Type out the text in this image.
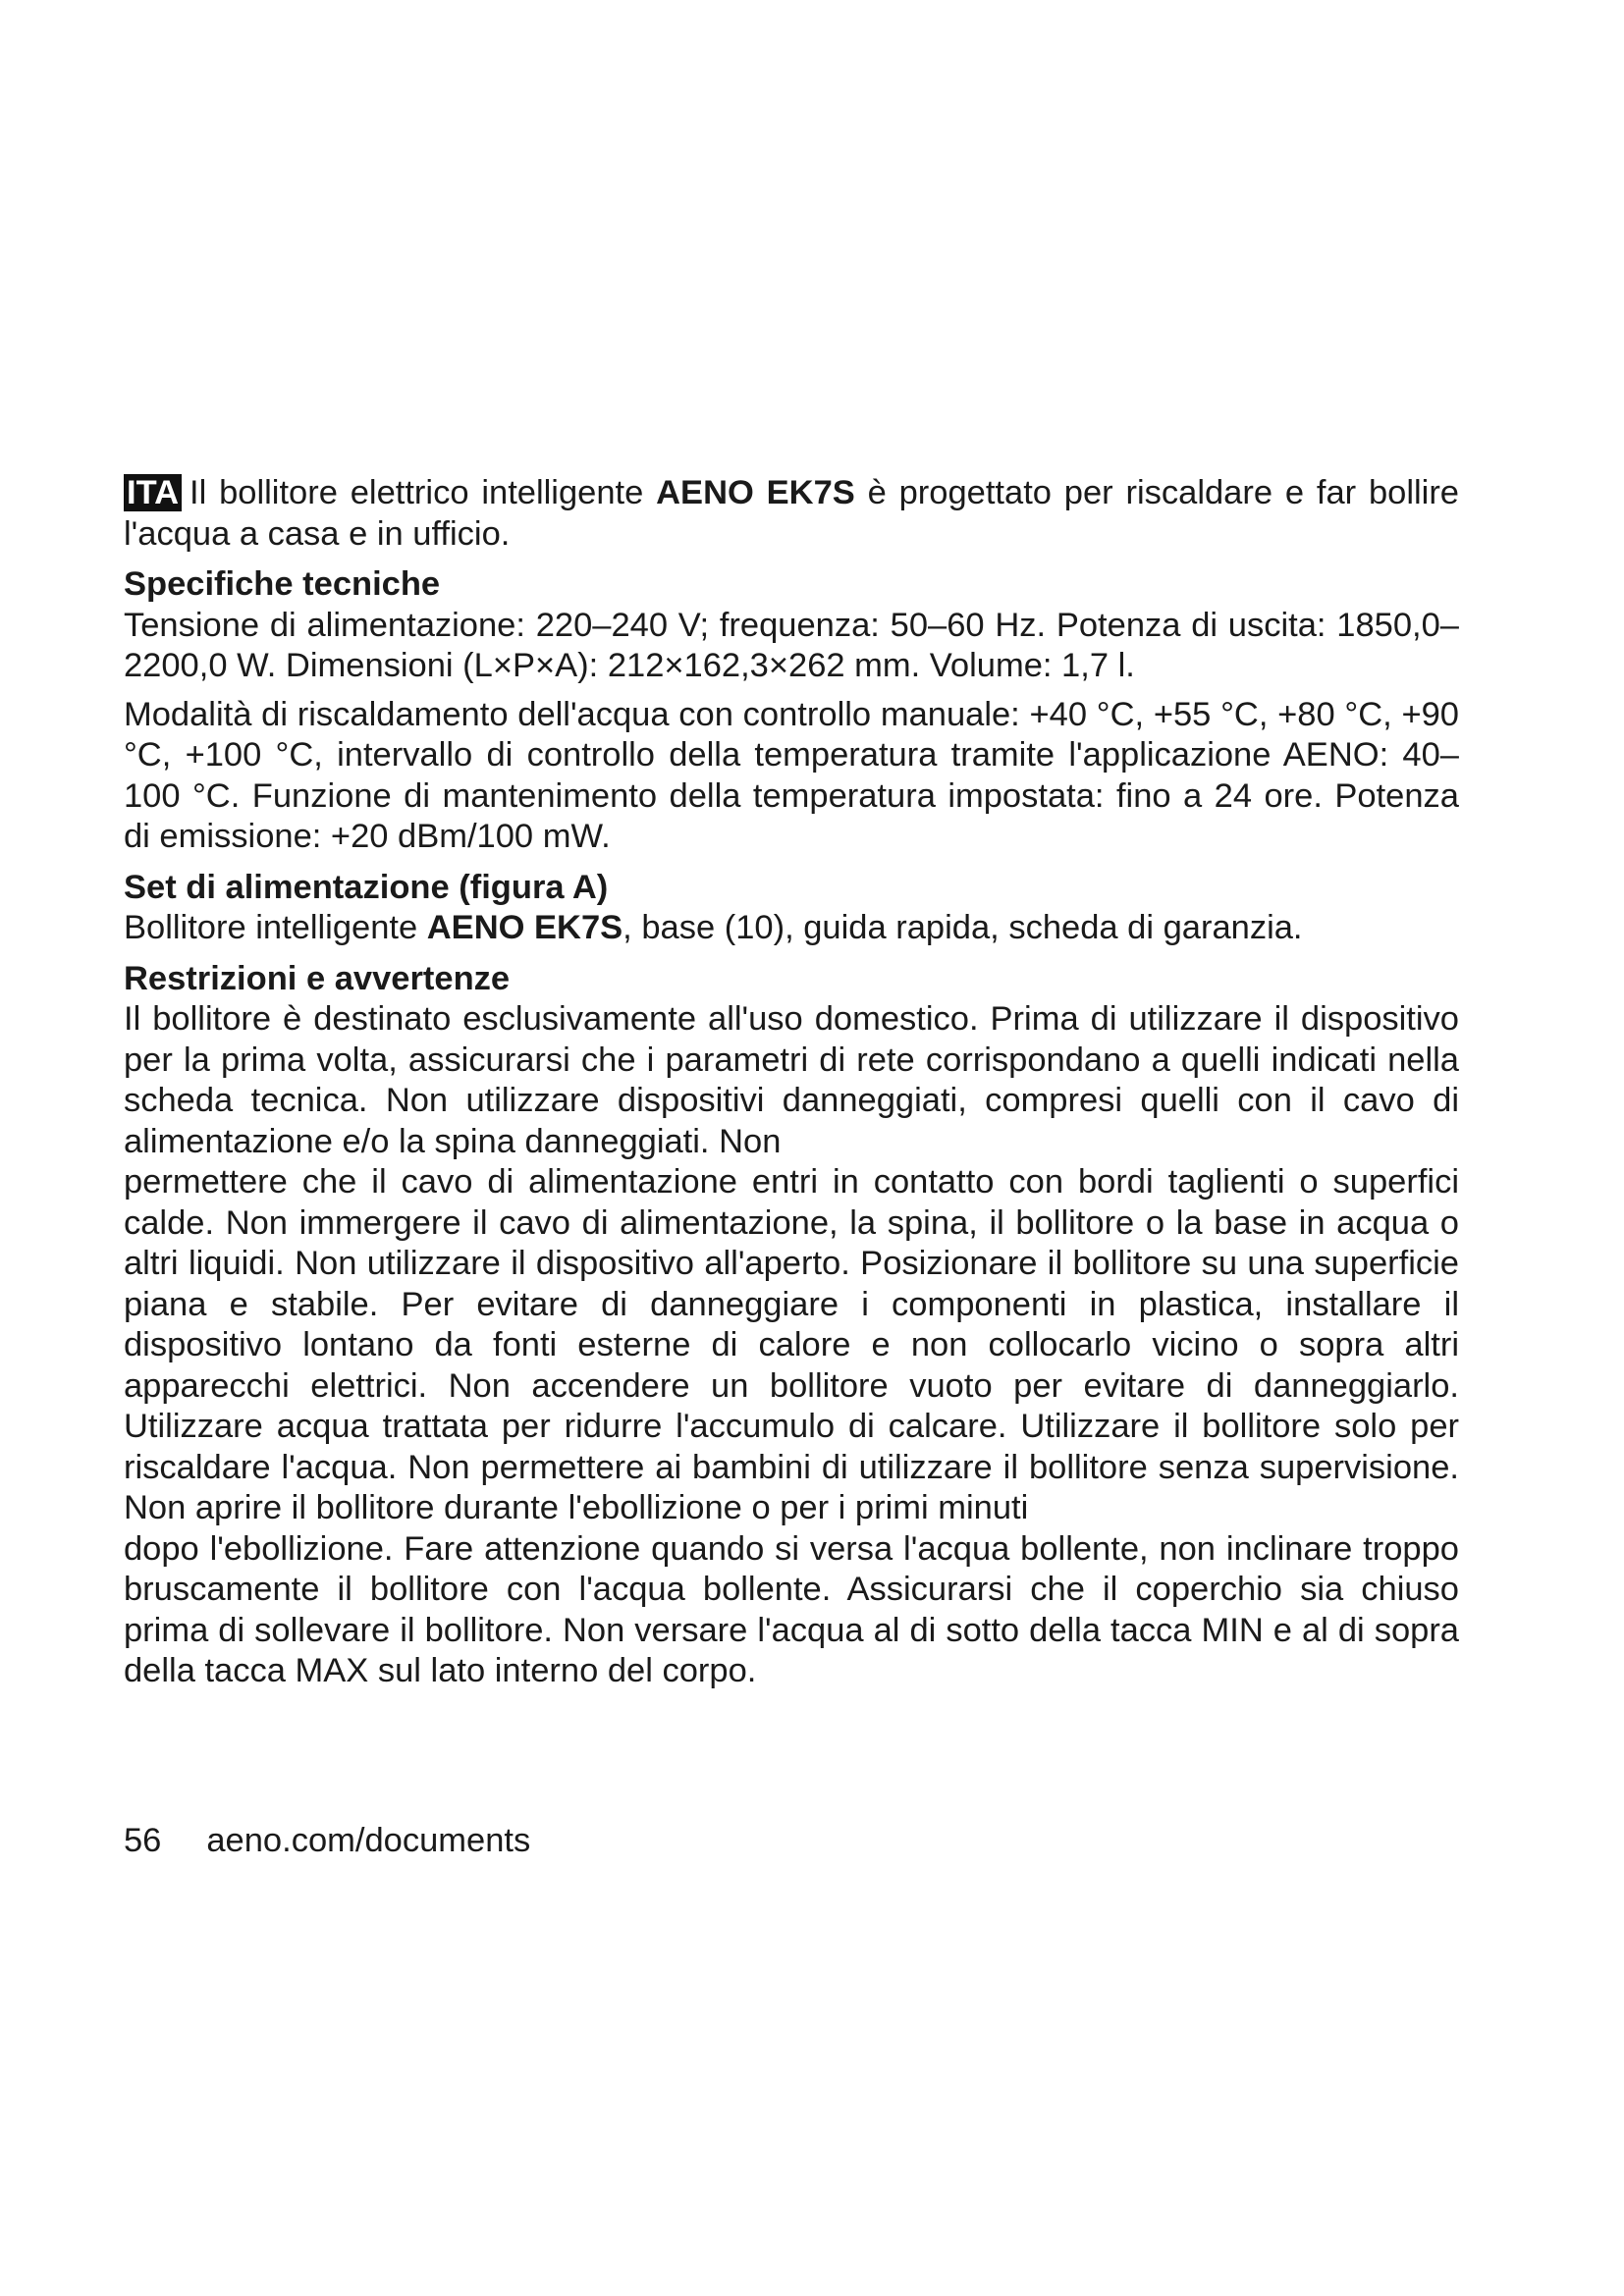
ITA Il bollitore elettrico intelligente AENO EK7S è progettato per riscaldare e far bollire l'acqua a casa e in ufficio.

Specifiche tecniche

Tensione di alimentazione: 220–240 V; frequenza: 50–60 Hz. Potenza di uscita: 1850,0–2200,0 W. Dimensioni (L×P×A): 212×162,3×262 mm. Volume: 1,7 l.

Modalità di riscaldamento dell'acqua con controllo manuale: +40 °C, +55 °C, +80 °C, +90 °C, +100 °C, intervallo di controllo della temperatura tramite l'applicazione AENO: 40–100 °C. Funzione di mantenimento della temperatura impostata: fino a 24 ore. Potenza di emissione: +20 dBm/100 mW.

Set di alimentazione (figura A)

Bollitore intelligente AENO EK7S, base (10), guida rapida, scheda di garanzia.

Restrizioni e avvertenze

Il bollitore è destinato esclusivamente all'uso domestico. Prima di utilizzare il dispositivo per la prima volta, assicurarsi che i parametri di rete corrispondano a quelli indicati nella scheda tecnica. Non utilizzare dispositivi danneggiati, compresi quelli con il cavo di alimentazione e/o la spina danneggiati. Non

permettere che il cavo di alimentazione entri in contatto con bordi taglienti o superfici calde. Non immergere il cavo di alimentazione, la spina, il bollitore o la base in acqua o altri liquidi. Non utilizzare il dispositivo all'aperto. Posizionare il bollitore su una superficie piana e stabile. Per evitare di danneggiare i componenti in plastica, installare il dispositivo lontano da fonti esterne di calore e non collocarlo vicino o sopra altri apparecchi elettrici. Non accendere un bollitore vuoto per evitare di danneggiarlo. Utilizzare acqua trattata per ridurre l'accumulo di calcare. Utilizzare il bollitore solo per riscaldare l'acqua. Non permettere ai bambini di utilizzare il bollitore senza supervisione. Non aprire il bollitore durante l'ebollizione o per i primi minuti

dopo l'ebollizione. Fare attenzione quando si versa l'acqua bollente, non inclinare troppo bruscamente il bollitore con l'acqua bollente. Assicurarsi che il coperchio sia chiuso prima di sollevare il bollitore. Non versare l'acqua al di sotto della tacca MIN e al di sopra della tacca MAX sul lato interno del corpo.

56 aeno.com/documents
